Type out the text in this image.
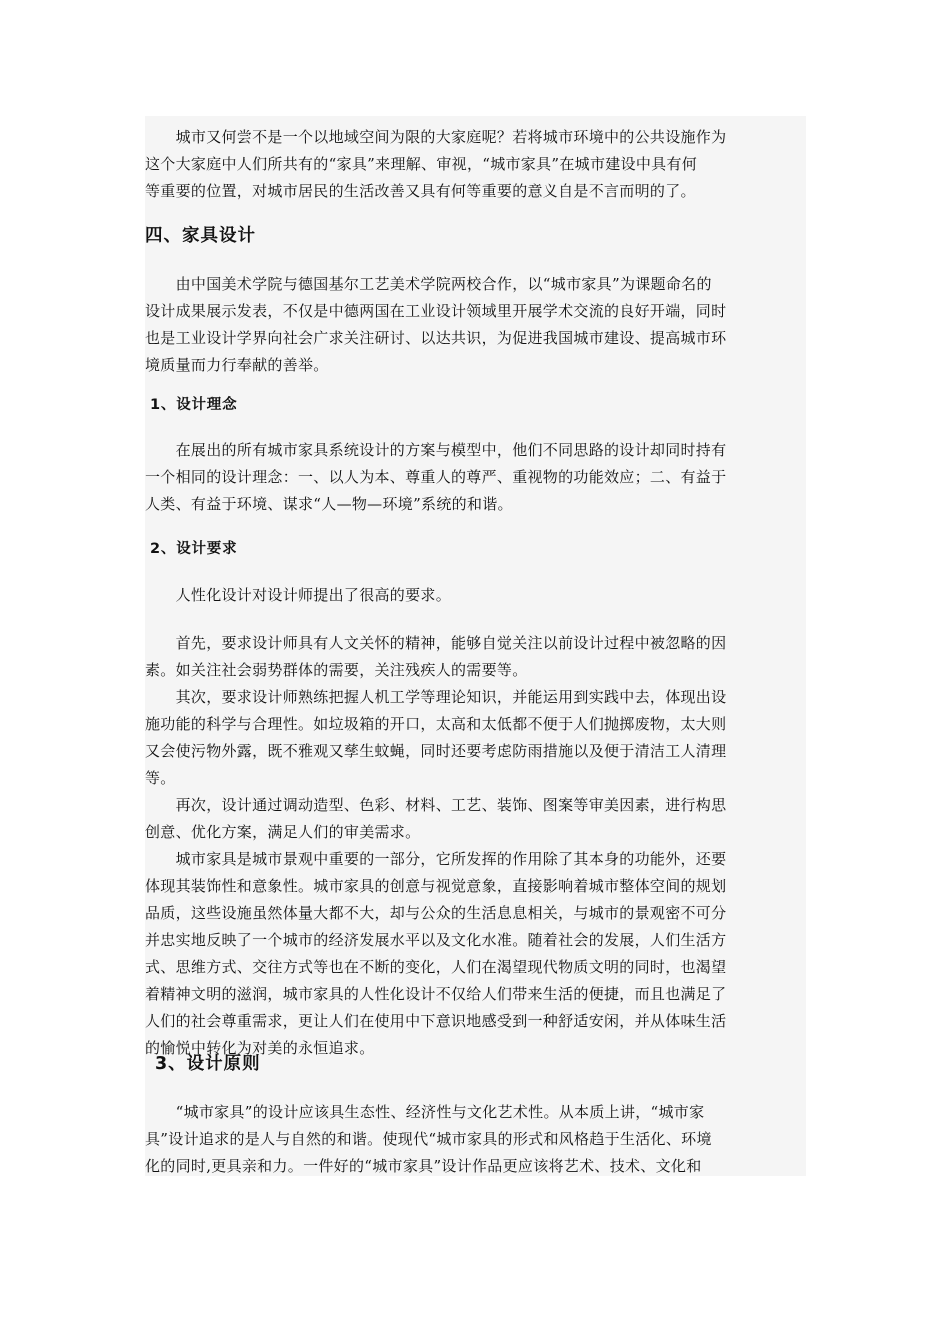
　　城市又何尝不是一个以地域空间为限的大家庭呢？若将城市环境中的公共设施作为
这个大家庭中人们所共有的“家具”来理解、审视，“城市家具”在城市建设中具有何
等重要的位置，对城市居民的生活改善又具有何等重要的意义自是不言而明的了。
四、家具设计
　　由中国美术学院与德国基尔工艺美术学院两校合作，以“城市家具”为课题命名的
设计成果展示发表，不仅是中德两国在工业设计领域里开展学术交流的良好开端，同时
也是工业设计学界向社会广求关注研讨、以达共识，为促进我国城市建设、提高城市环
境质量而力行奉献的善举。
1、设计理念
　　在展出的所有城市家具系统设计的方案与模型中，他们不同思路的设计却同时持有
一个相同的设计理念：一、以人为本、尊重人的尊严、重视物的功能效应；二、有益于
人类、有益于环境、谋求“人—物—环境”系统的和谐。
2、设计要求
　　人性化设计对设计师提出了很高的要求。
　　首先，要求设计师具有人文关怀的精神，能够自觉关注以前设计过程中被忽略的因
素。如关注社会弱势群体的需要，关注残疾人的需要等。
　　其次，要求设计师熟练把握人机工学等理论知识，并能运用到实践中去，体现出设
施功能的科学与合理性。如垃圾箱的开口，太高和太低都不便于人们抛掷废物，太大则
又会使污物外露，既不雅观又孳生蚊蝇，同时还要考虑防雨措施以及便于清洁工人清理
等。
　　再次，设计通过调动造型、色彩、材料、工艺、装饰、图案等审美因素，进行构思
创意、优化方案，满足人们的审美需求。
　　城市家具是城市景观中重要的一部分，它所发挥的作用除了其本身的功能外，还要
体现其装饰性和意象性。城市家具的创意与视觉意象，直接影响着城市整体空间的规划
品质，这些设施虽然体量大都不大，却与公众的生活息息相关，与城市的景观密不可分
并忠实地反映了一个城市的经济发展水平以及文化水准。随着社会的发展，人们生活方
式、思维方式、交往方式等也在不断的变化，人们在渴望现代物质文明的同时，也渴望
着精神文明的滋润，城市家具的人性化设计不仅给人们带来生活的便捷，而且也满足了
人们的社会尊重需求，更让人们在使用中下意识地感受到一种舒适安闲，并从体味生活
的愉悦中转化为对美的永恒追求。
3、设计原则
　　“城市家具”的设计应该具生态性、经济性与文化艺术性。从本质上讲，“城市家
具”设计追求的是人与自然的和谐。使现代“城市家具的形式和风格趋于生活化、环境
化的同时,更具亲和力。一件好的“城市家具”设计作品更应该将艺术、技术、文化和
